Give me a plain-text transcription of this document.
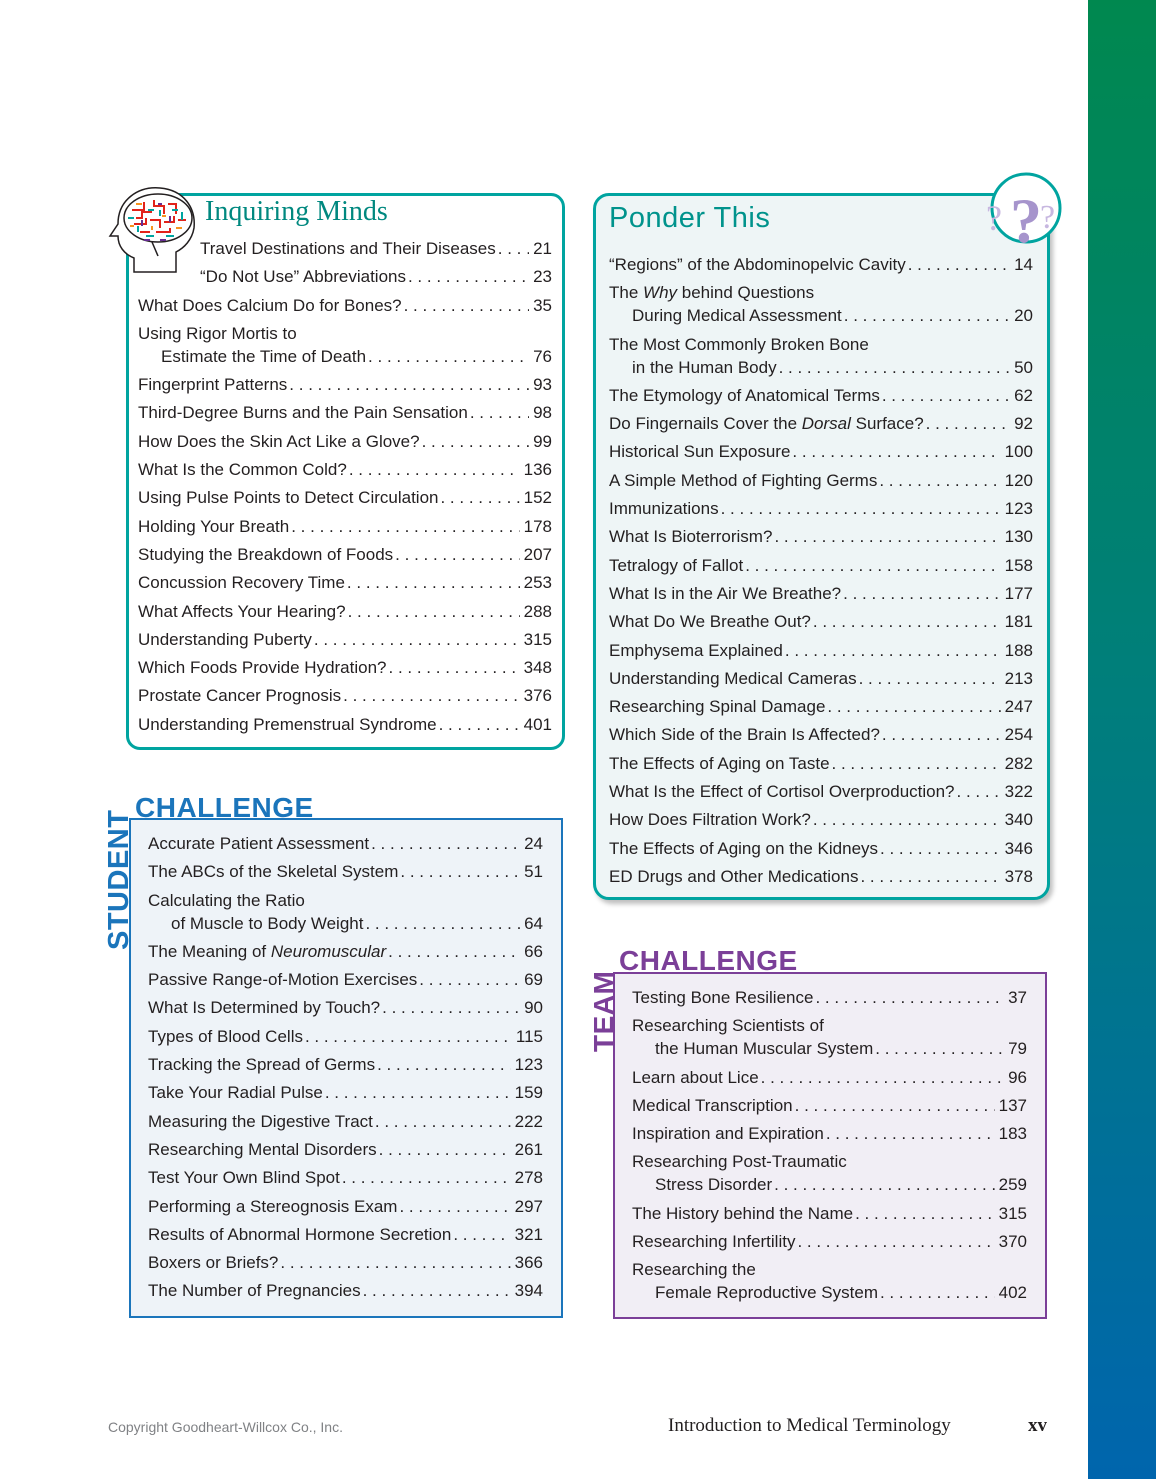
Inquiring Minds
Travel Destinations and Their Diseases . . . 21
“Do Not Use” Abbreviations . . .	23
What Does Calcium Do for Bones? . . .	35
Using Rigor Mortis to
Estimate the Time of Death . . .	76
Fingerprint Patterns . . .	93
Third-Degree Burns and the Pain Sensation . . .	98
How Does the Skin Act Like a Glove? . . .	99
What Is the Common Cold? . . .	136
Using Pulse Points to Detect Circulation . . .	152
Holding Your Breath . . .	178
Studying the Breakdown of Foods . . .	207
Concussion Recovery Time . . .	253
What Affects Your Hearing? . . .	288
Understanding Puberty . . .	315
Which Foods Provide Hydration? . . .	348
Prostate Cancer Prognosis . . .	376
Understanding Premenstrual Syndrome . . .	401
Ponder This	? ?
?
“Regions” of the Abdominopelvic Cavity . . .	14
The Why behind Questions
During Medical Assessment . . .	20
The Most Commonly Broken Bone
in the Human Body . . .	50
The Etymology of Anatomical Terms . . .	62
Do Fingernails Cover the Dorsal Surface? . . .	92
Historical Sun Exposure . . .	100
A Simple Method of Fighting Germs . . .	120
Immunizations . . .	123
What Is Bioterrorism? . . .	130
Tetralogy of Fallot . . .	158
What Is in the Air We Breathe? . . .	177
What Do We Breathe Out? . . .	181
Emphysema Explained . . .	188
Understanding Medical Cameras . . .	213
Researching Spinal Damage . . .	247
Which Side of the Brain Is Affected? . . .	254
The Effects of Aging on Taste . . .	282
What Is the Effect of Cortisol Overproduction? . . .	322
How Does Filtration Work? . . .	340
The Effects of Aging on the Kidneys . . .	346
ED Drugs and Other Medications . . .	378
CHALLENGE
STUDENT Accurate Patient Assessment . . .	24
The ABCs of the Skeletal System . . .	51
Calculating the Ratio
of Muscle to Body Weight . . .	64
The Meaning of Neuromuscular . . .	66
Passive Range-of-Motion Exercises . . .	69
What Is Determined by Touch? . . .	90
Types of Blood Cells . . .	115
Tracking the Spread of Germs . . .	123
Take Your Radial Pulse . . .	159
Measuring the Digestive Tract . . .	222
Researching Mental Disorders . . .	261
Test Your Own Blind Spot . . .	278
Performing a Stereognosis Exam . . .	297
Results of Abnormal Hormone Secretion . . .	321
Boxers or Briefs? . . .	366
The Number of Pregnancies . . .	394
CHALLENGE
TEAM Testing Bone Resilience . . .	37
Researching Scientists of
the Human Muscular System . . .	79
Learn about Lice . . .	96
Medical Transcription . . .	137
Inspiration and Expiration . . .	183
Researching Post-Traumatic
Stress Disorder . . .	259
The History behind the Name . . .	315
Researching Infertility . . .	370
Researching the
Female Reproductive System . . .	402
Copyright Goodheart-Willcox Co., Inc.	Introduction to Medical Terminology	xv
